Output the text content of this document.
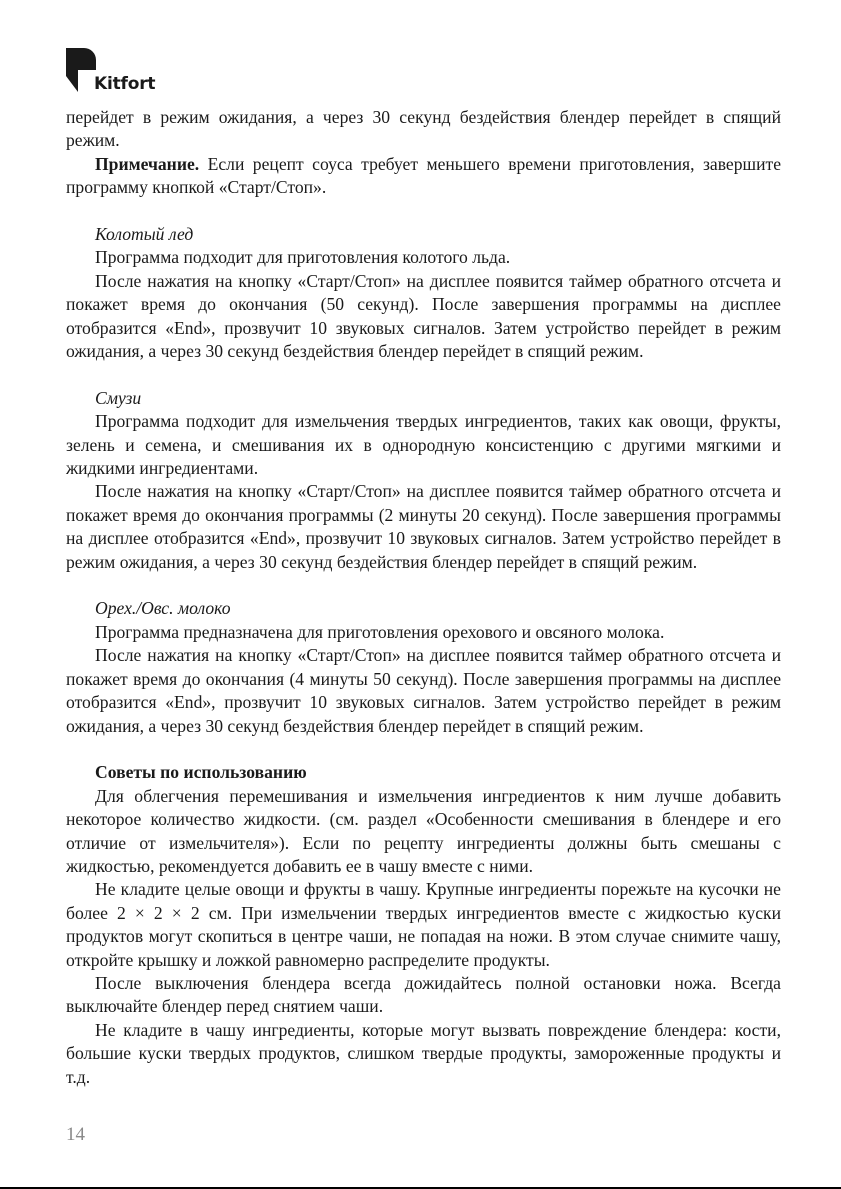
Kitfort

перейдет в режим ожидания, а через 30 секунд бездействия блендер перейдет в спящий режим.

Примечание. Если рецепт соуса требует меньшего времени приготовления, завершите программу кнопкой «Старт/Стоп».

Колотый лед

Программа подходит для приготовления колотого льда.

После нажатия на кнопку «Старт/Стоп» на дисплее появится таймер обратного отсчета и покажет время до окончания (50 секунд). После завершения программы на дисплее отобразится «End», прозвучит 10 звуковых сигналов. Затем устройство перейдет в режим ожидания, а через 30 секунд бездействия блендер перейдет в спящий режим.

Смузи

Программа подходит для измельчения твердых ингредиентов, таких как овощи, фрукты, зелень и семена, и смешивания их в однородную консистенцию с другими мягкими и жидкими ингредиентами.

После нажатия на кнопку «Старт/Стоп» на дисплее появится таймер обратного отсчета и покажет время до окончания программы (2 минуты 20 секунд). После завершения программы на дисплее отобразится «End», прозвучит 10 звуковых сигналов. Затем устройство перейдет в режим ожидания, а через 30 секунд бездействия блендер перейдет в спящий режим.

Орех./Овс. молоко

Программа предназначена для приготовления орехового и овсяного молока.

После нажатия на кнопку «Старт/Стоп» на дисплее появится таймер обратного отсчета и покажет время до окончания (4 минуты 50 секунд). После завершения программы на дисплее отобразится «End», прозвучит 10 звуковых сигналов. Затем устройство перейдет в режим ожидания, а через 30 секунд бездействия блендер перейдет в спящий режим.

Советы по использованию

Для облегчения перемешивания и измельчения ингредиентов к ним лучше добавить некоторое количество жидкости. (см. раздел «Особенности смешивания в блендере и его отличие от измельчителя»). Если по рецепту ингредиенты должны быть смешаны с жидкостью, рекомендуется добавить ее в чашу вместе с ними.

Не кладите целые овощи и фрукты в чашу. Крупные ингредиенты порежьте на кусочки не более 2 × 2 × 2 см. При измельчении твердых ингредиентов вместе с жидкостью куски продуктов могут скопиться в центре чаши, не попадая на ножи. В этом случае снимите чашу, откройте крышку и ложкой равномерно распределите продукты.

После выключения блендера всегда дожидайтесь полной остановки ножа. Всегда выключайте блендер перед снятием чаши.

Не кладите в чашу ингредиенты, которые могут вызвать повреждение блендера: кости, большие куски твердых продуктов, слишком твердые продукты, замороженные продукты и т.д.

14
